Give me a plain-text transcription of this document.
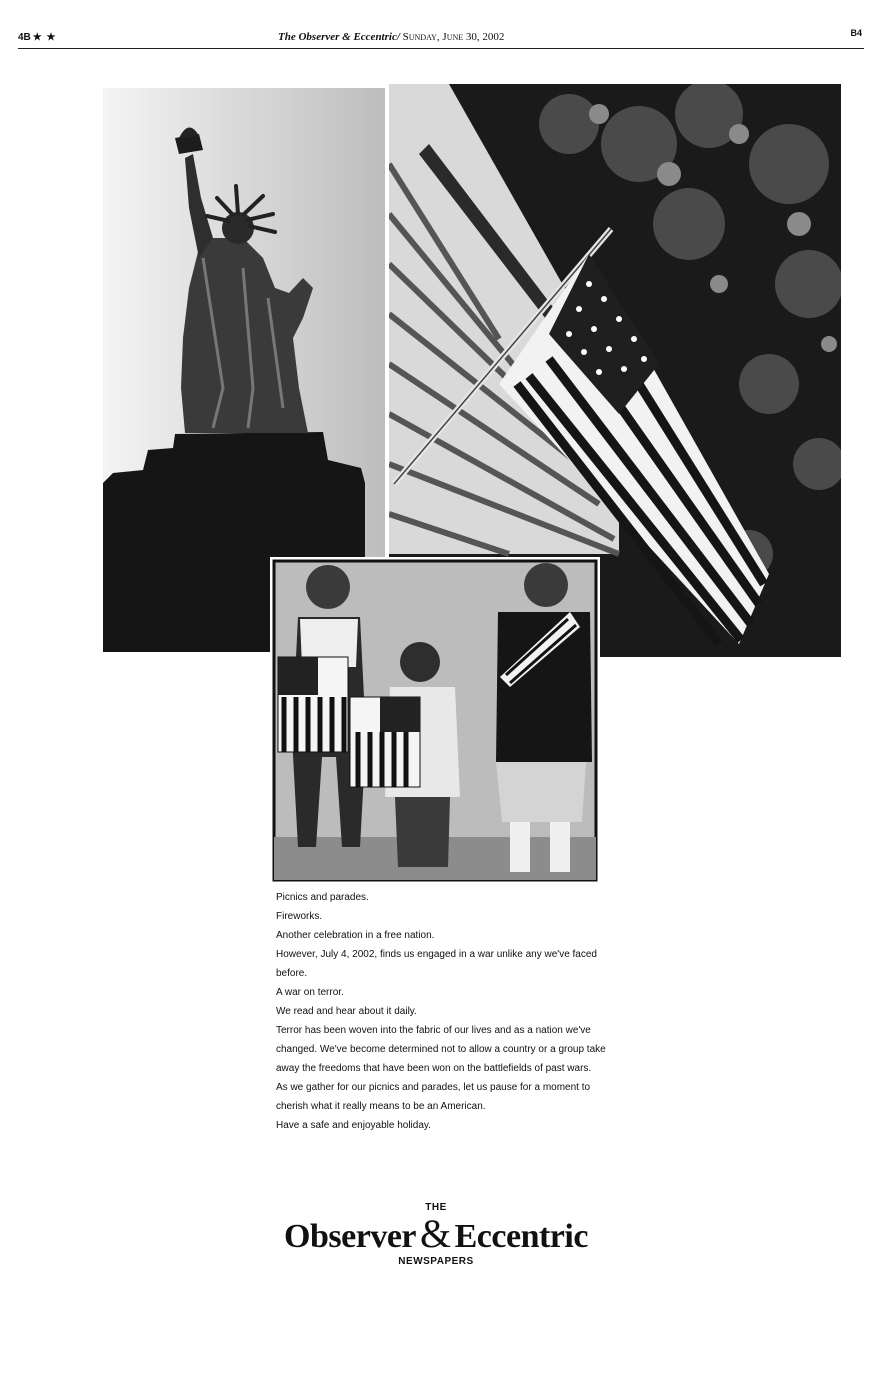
4B ★ ★	The Observer & Eccentric/ Sunday, June 30, 2002	B4

Picnics and parades.

Fireworks.

Another celebration in a free nation.

However, July 4, 2002, finds us engaged in a war unlike any we've faced before.

A war on terror.

We read and hear about it daily.

Terror has been woven into the fabric of our lives and as a nation we've changed. We've become determined not to allow a country or a group take away the freedoms that have been won on the battlefields of past wars.

As we gather for our picnics and parades, let us pause for a moment to cherish what it really means to be an American.

Have a safe and enjoyable holiday.

THE
Observer & Eccentric
NEWSPAPERS
